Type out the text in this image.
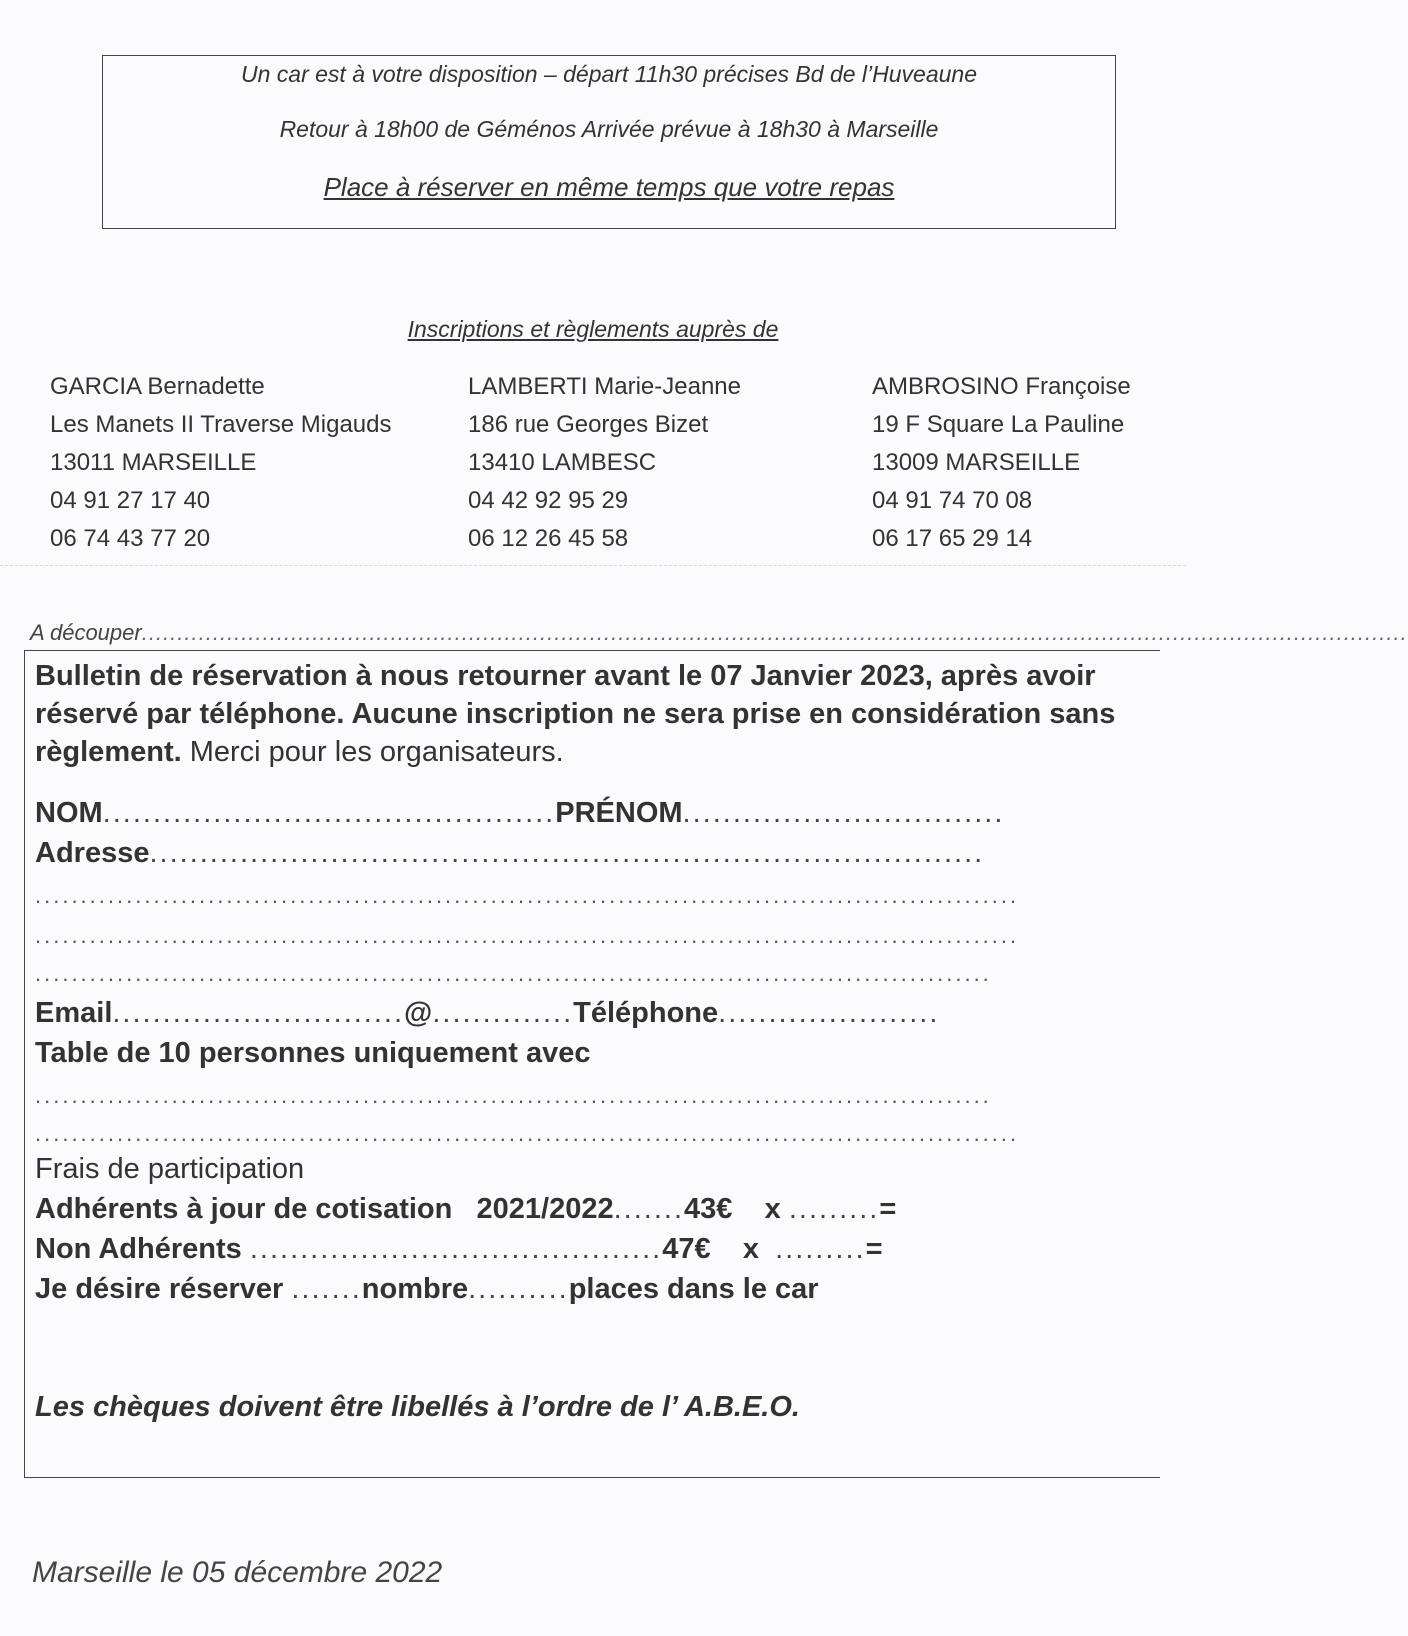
Un car est à votre disposition – départ 11h30 précises Bd de l’Huveaune
Retour à 18h00 de Géménos Arrivée prévue à 18h30 à Marseille
Place à réserver en même temps que votre repas
Inscriptions et règlements auprès de
GARCIA Bernadette
Les Manets II Traverse Migauds
13011 MARSEILLE
04 91 27 17 40
06 74 43 77 20
LAMBERTI Marie-Jeanne
186 rue Georges Bizet
13410 LAMBESC
04 42 92 95 29
06 12 26 45 58
AMBROSINO Françoise
19 F Square La Pauline
13009 MARSEILLE
04 91 74 70 08
06 17 65 29 14
A découper..................................................................................................................................................................................
Bulletin de réservation à nous retourner avant le 07 Janvier 2023, après avoir réservé par téléphone. Aucune inscription ne sera prise en considération sans règlement. Merci pour les organisateurs.
NOM.............................................PRÉNOM................................
Adresse...................................................................................
............................................................................................................
............................................................................................................
.........................................................................................................
Email.............................@..............Téléphone......................
Table de 10 personnes uniquement avec
.........................................................................................................
............................................................................................................
Frais de participation
Adhérents à jour de cotisation 2021/2022.......43€ x .........=
Non Adhérents .........................................47€ x .........=
Je désire réserver .......nombre..........places dans le car
Les chèques doivent être libellés à l’ordre de l’ A.B.E.O.
Marseille le 05 décembre 2022
